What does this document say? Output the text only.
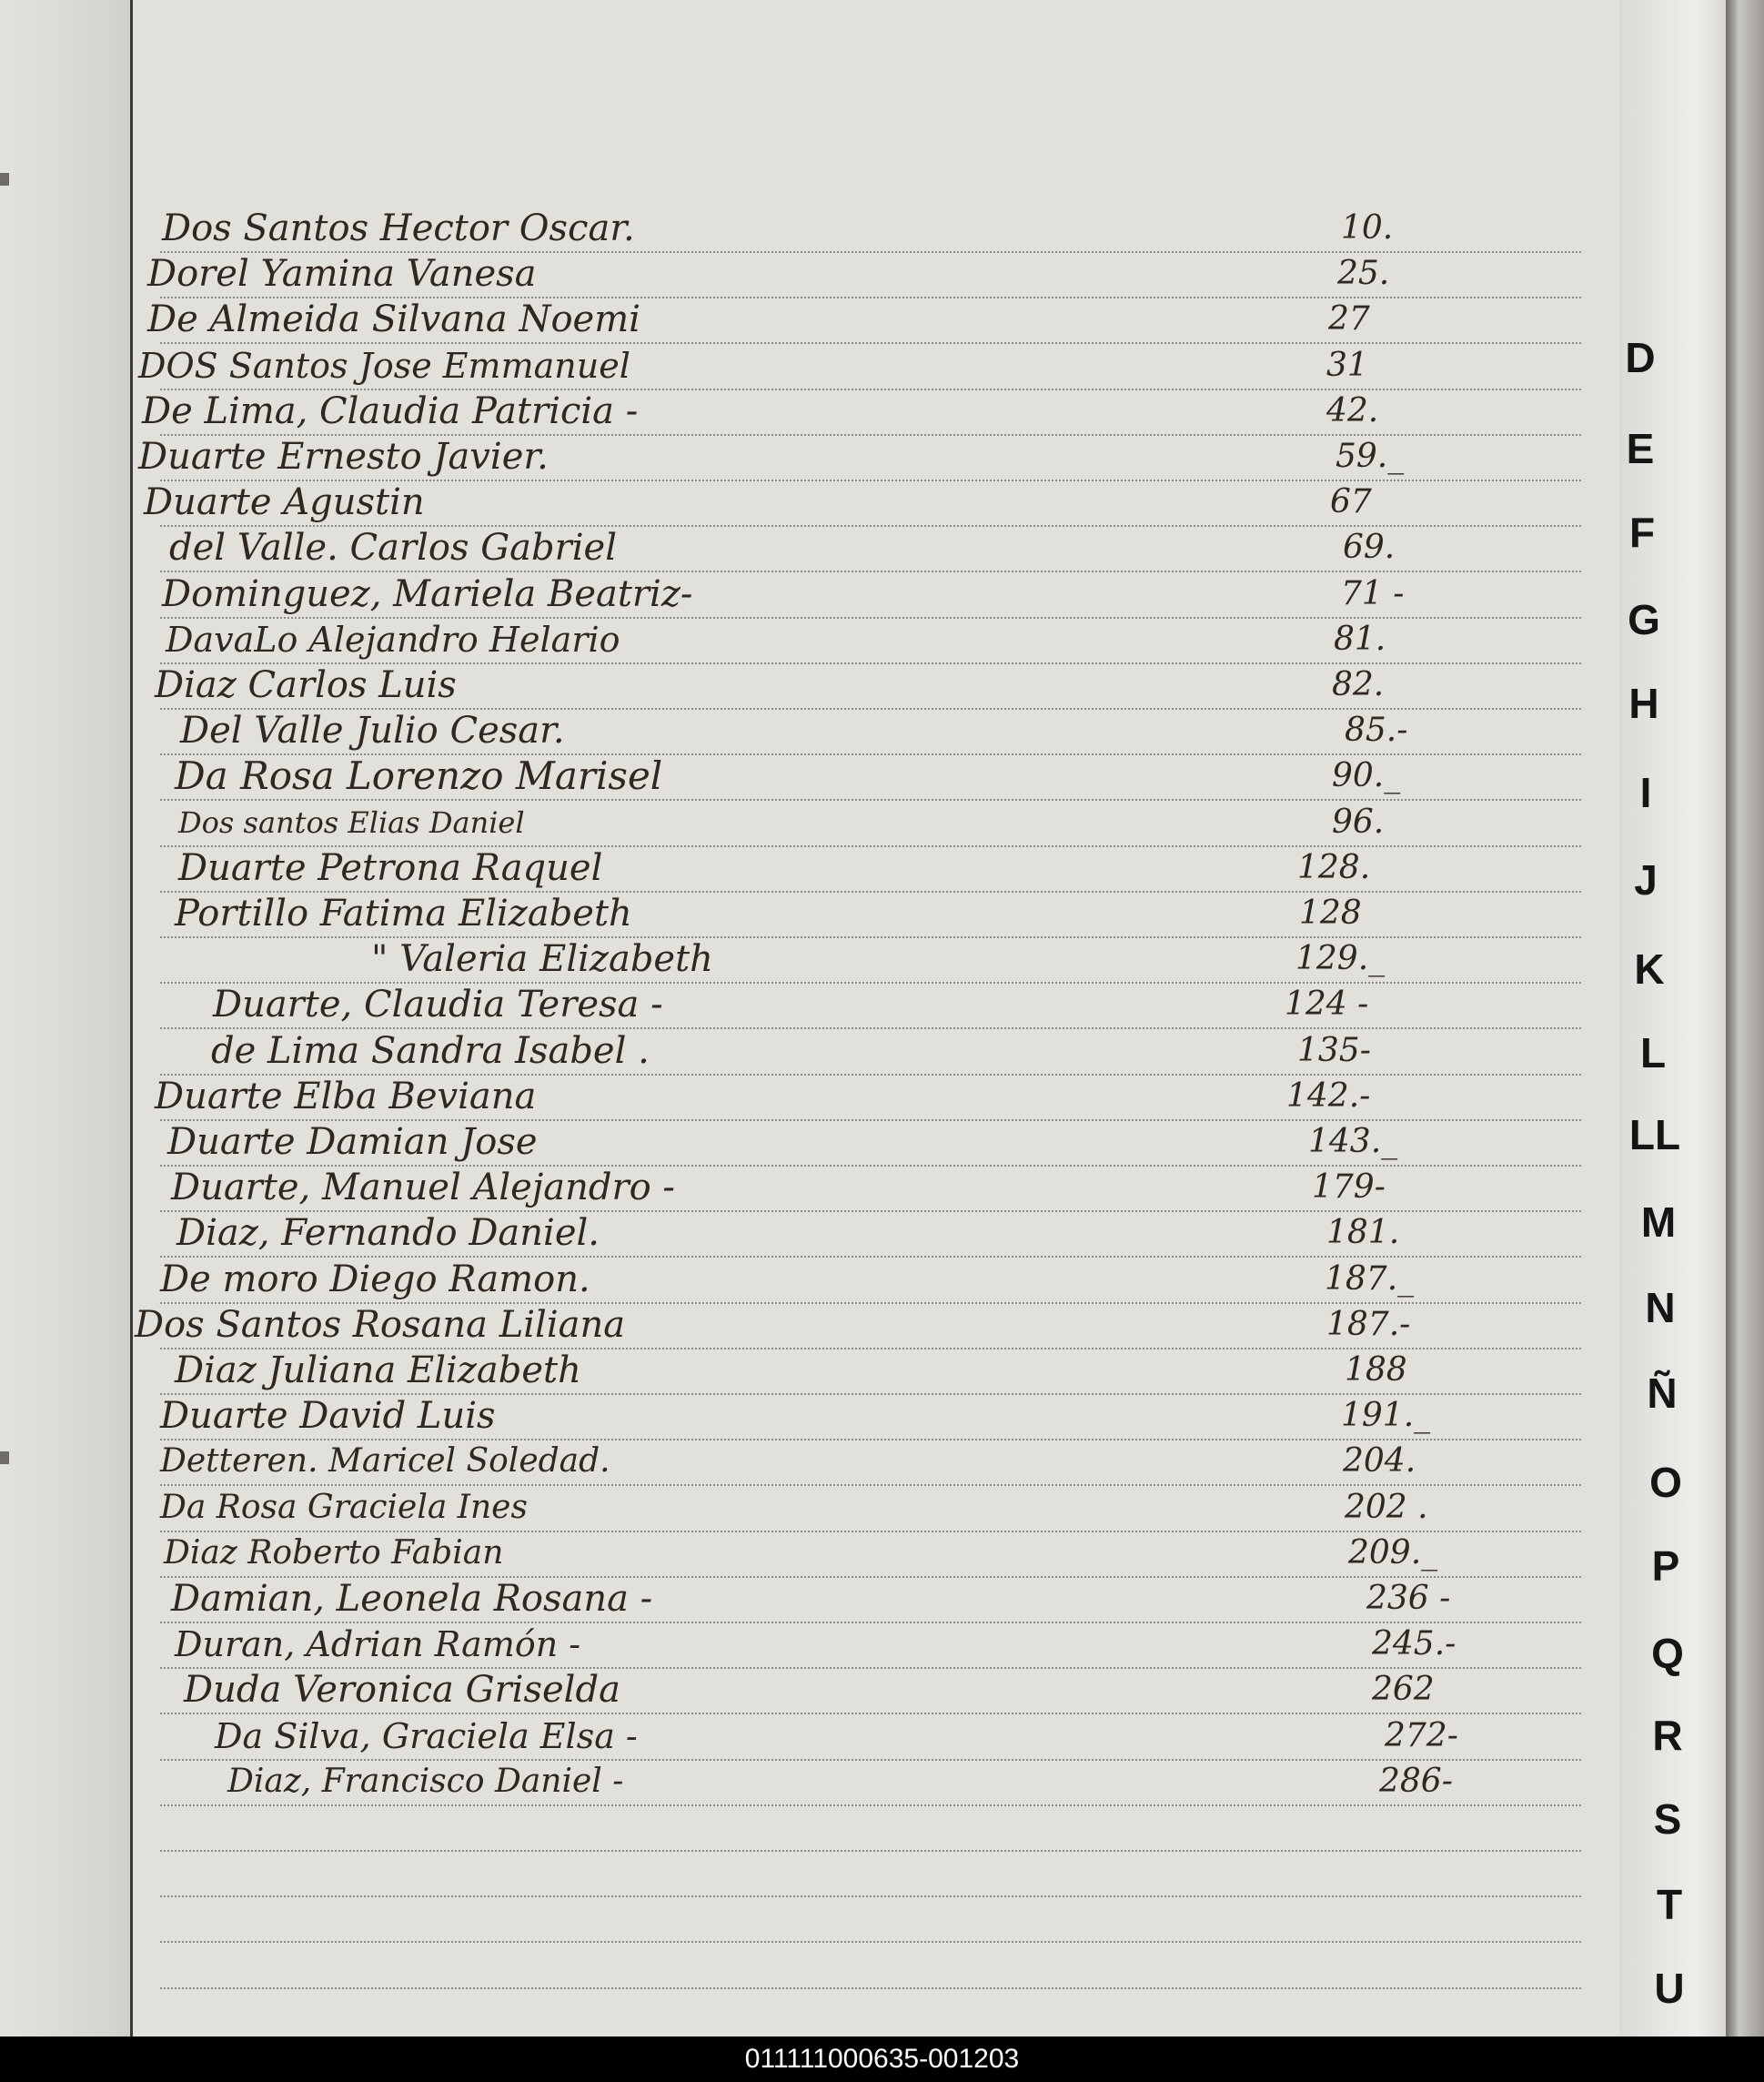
Dos Santos Hector Oscar.	10.
Dorel Yamina Vanesa	25.
De Almeida Silvana Noemi	27
DOS Santos Jose Emmanuel	31
De Lima, Claudia Patricia -	42.
Duarte Ernesto Javier.	59._
Duarte Agustin	67
del Valle. Carlos Gabriel	69.
Dominguez, Mariela Beatriz-	71 -
DavaLo Alejandro Helario	81.
Diaz Carlos Luis	82.
Del Valle Julio Cesar.	85.-
Da Rosa Lorenzo Marisel	90._
Dos santos Elias Daniel	96.
Duarte Petrona Raquel	128.
Portillo Fatima Elizabeth	128
" Valeria Elizabeth	129._
Duarte, Claudia Teresa -	124 -
de Lima Sandra Isabel .	135-
Duarte Elba Beviana	142.-
Duarte Damian Jose	143._
Duarte, Manuel Alejandro -	179-
Diaz, Fernando Daniel.	181.
De moro Diego Ramon.	187._
Dos Santos Rosana Liliana	187.-
Diaz Juliana Elizabeth	188
Duarte David Luis	191._
Detteren. Maricel Soledad.	204.
Da Rosa Graciela Ines	202 .
Diaz Roberto Fabian	209._
Damian, Leonela Rosana -	236 -
Duran, Adrian Ramón -	245.-
Duda Veronica Griselda	262
Da Silva, Graciela Elsa -	272-
Diaz, Francisco Daniel -	286-
D
E
F
G
H
I
J
K
L
LL
M
N
Ñ
O
P
Q
R
S
T
U
011111000635-001203
